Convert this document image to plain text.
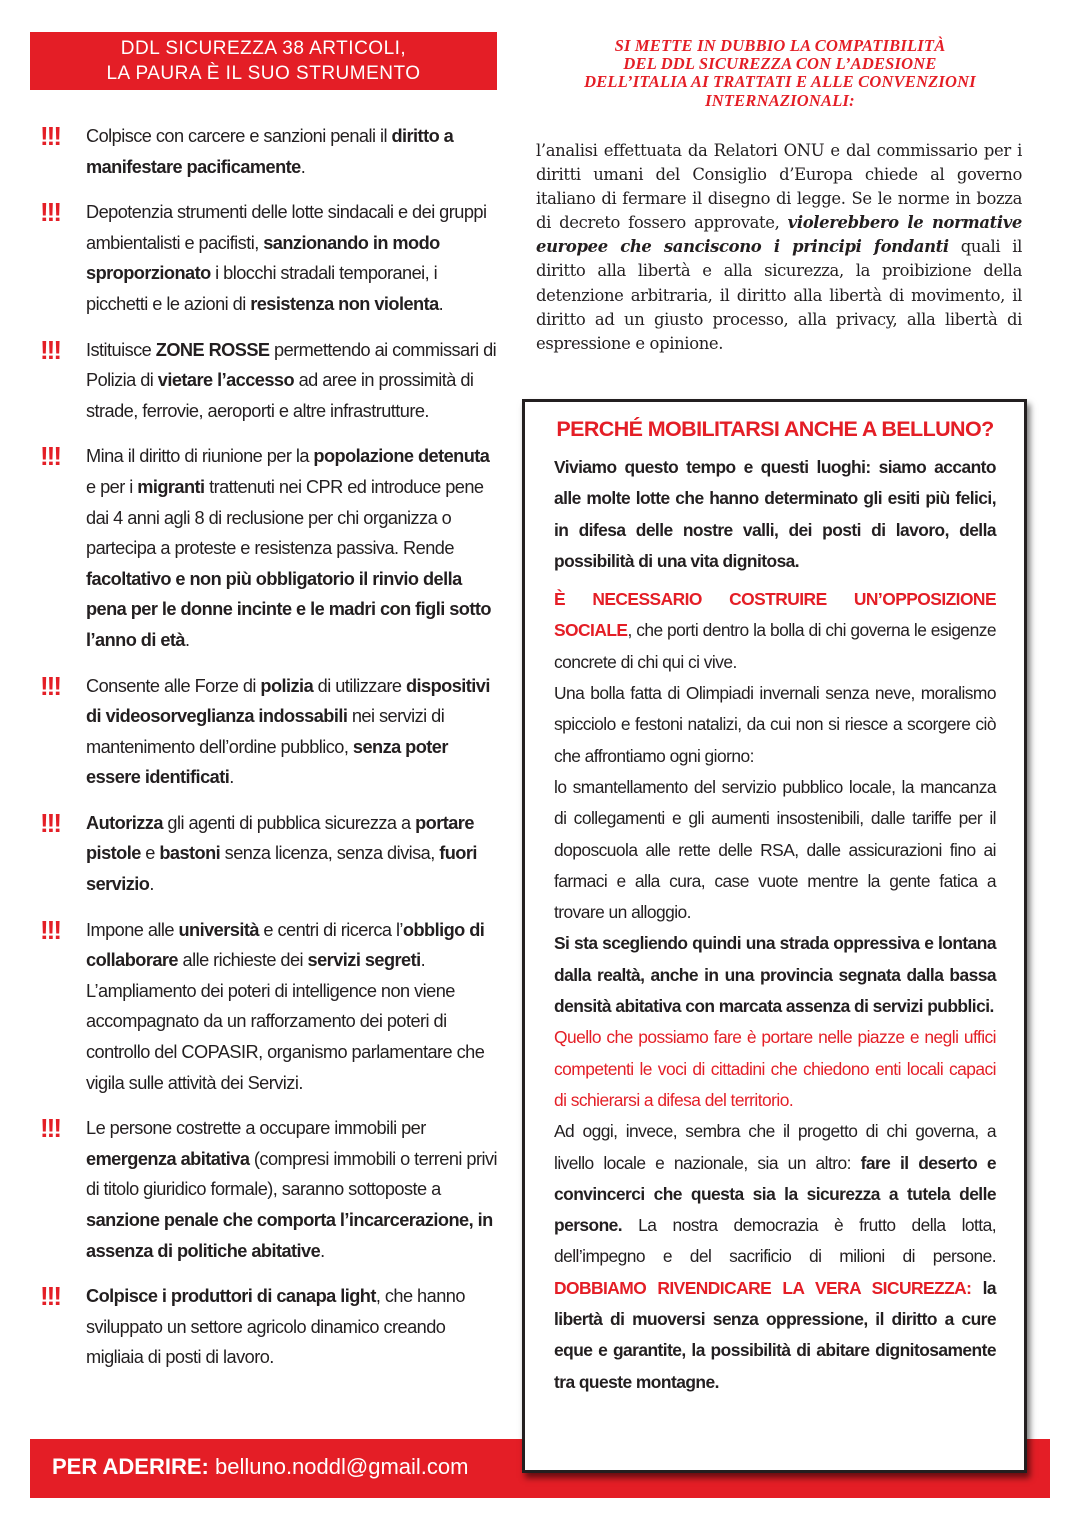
DDL SICUREZZA 38 ARTICOLI,
LA PAURA È IL SUO STRUMENTO
!!! Colpisce con carcere e sanzioni penali il diritto a manifestare pacificamente.
!!! Depotenzia strumenti delle lotte sindacali e dei gruppi ambientalisti e pacifisti, sanzionando in modo sproporzionato i blocchi stradali temporanei, i picchetti e le azioni di resistenza non violenta.
!!! Istituisce ZONE ROSSE permettendo ai commissari di Polizia di vietare l’accesso ad aree in prossimità di strade, ferrovie, aeroporti e altre infrastrutture.
!!! Mina il diritto di riunione per la popolazione detenuta e per i migranti trattenuti nei CPR ed introduce pene dai 4 anni agli 8 di reclusione per chi organizza o partecipa a proteste e resistenza passiva. Rende facoltativo e non più obbligatorio il rinvio della pena per le donne incinte e le madri con figli sotto l’anno di età.
!!! Consente alle Forze di polizia di utilizzare dispositivi di videosorveglianza indossabili nei servizi di mantenimento dell’ordine pubblico, senza poter essere identificati.
!!! Autorizza gli agenti di pubblica sicurezza a portare pistole e bastoni senza licenza, senza divisa, fuori servizio.
!!! Impone alle università e centri di ricerca l’obbligo di collaborare alle richieste dei servizi segreti. L’ampliamento dei poteri di intelligence non viene accompagnato da un rafforzamento dei poteri di controllo del COPASIR, organismo parlamentare che vigila sulle attività dei Servizi.
!!! Le persone costrette a occupare immobili per emergenza abitativa (compresi immobili o terreni privi di titolo giuridico formale), saranno sottoposte a sanzione penale che comporta l’incarcerazione, in assenza di politiche abitative.
!!! Colpisce i produttori di canapa light, che hanno sviluppato un settore agricolo dinamico creando migliaia di posti di lavoro.
SI METTE IN DUBBIO LA COMPATIBILITÀ
DEL DDL SICUREZZA CON L’ADESIONE
DELL’ITALIA AI TRATTATI E ALLE CONVENZIONI
INTERNAZIONALI:
l’analisi effettuata da Relatori ONU e dal commissario per i diritti umani del Consiglio d’Europa chiede al governo italiano di fermare il disegno di legge. Se le norme in bozza di decreto fossero approvate, violerebbero le normative europee che sanciscono i principi fondanti quali il diritto alla libertà e alla sicurezza, la proibizione della detenzione arbitraria, il diritto alla libertà di movimento, il diritto ad un giusto processo, alla privacy, alla libertà di espressione e opinione.
PER ADERIRE: belluno.noddl@gmail.com
PERCHÉ MOBILITARSI ANCHE A BELLUNO?

Viviamo questo tempo e questi luoghi: siamo accanto alle molte lotte che hanno determinato gli esiti più felici, in difesa delle nostre valli, dei posti di lavoro, della possibilità di una vita dignitosa.

È NECESSARIO COSTRUIRE UN’OPPOSIZIONE SOCIALE, che porti dentro la bolla di chi governa le esigenze concrete di chi qui ci vive.

Una bolla fatta di Olimpiadi invernali senza neve, moralismo spicciolo e festoni natalizi, da cui non si riesce a scorgere ciò che affrontiamo ogni giorno:

lo smantellamento del servizio pubblico locale, la mancanza di collegamenti e gli aumenti insostenibili, dalle tariffe per il doposcuola alle rette delle RSA, dalle assicurazioni fino ai farmaci e alla cura, case vuote mentre la gente fatica a trovare un alloggio.

Si sta scegliendo quindi una strada oppressiva e lontana dalla realtà, anche in una provincia segnata dalla bassa densità abitativa con marcata assenza di servizi pubblici.

Quello che possiamo fare è portare nelle piazze e negli uffici competenti le voci di cittadini che chiedono enti locali capaci di schierarsi a difesa del territorio.

Ad oggi, invece, sembra che il progetto di chi governa, a livello locale e nazionale, sia un altro: fare il deserto e convincerci che questa sia la sicurezza a tutela delle persone. La nostra democrazia è frutto della lotta, dell’impegno e del sacrificio di milioni di persone. DOBBIAMO RIVENDICARE LA VERA SICUREZZA: la libertà di muoversi senza oppressione, il diritto a cure eque e garantite, la possibilità di abitare dignitosamente tra queste montagne.
